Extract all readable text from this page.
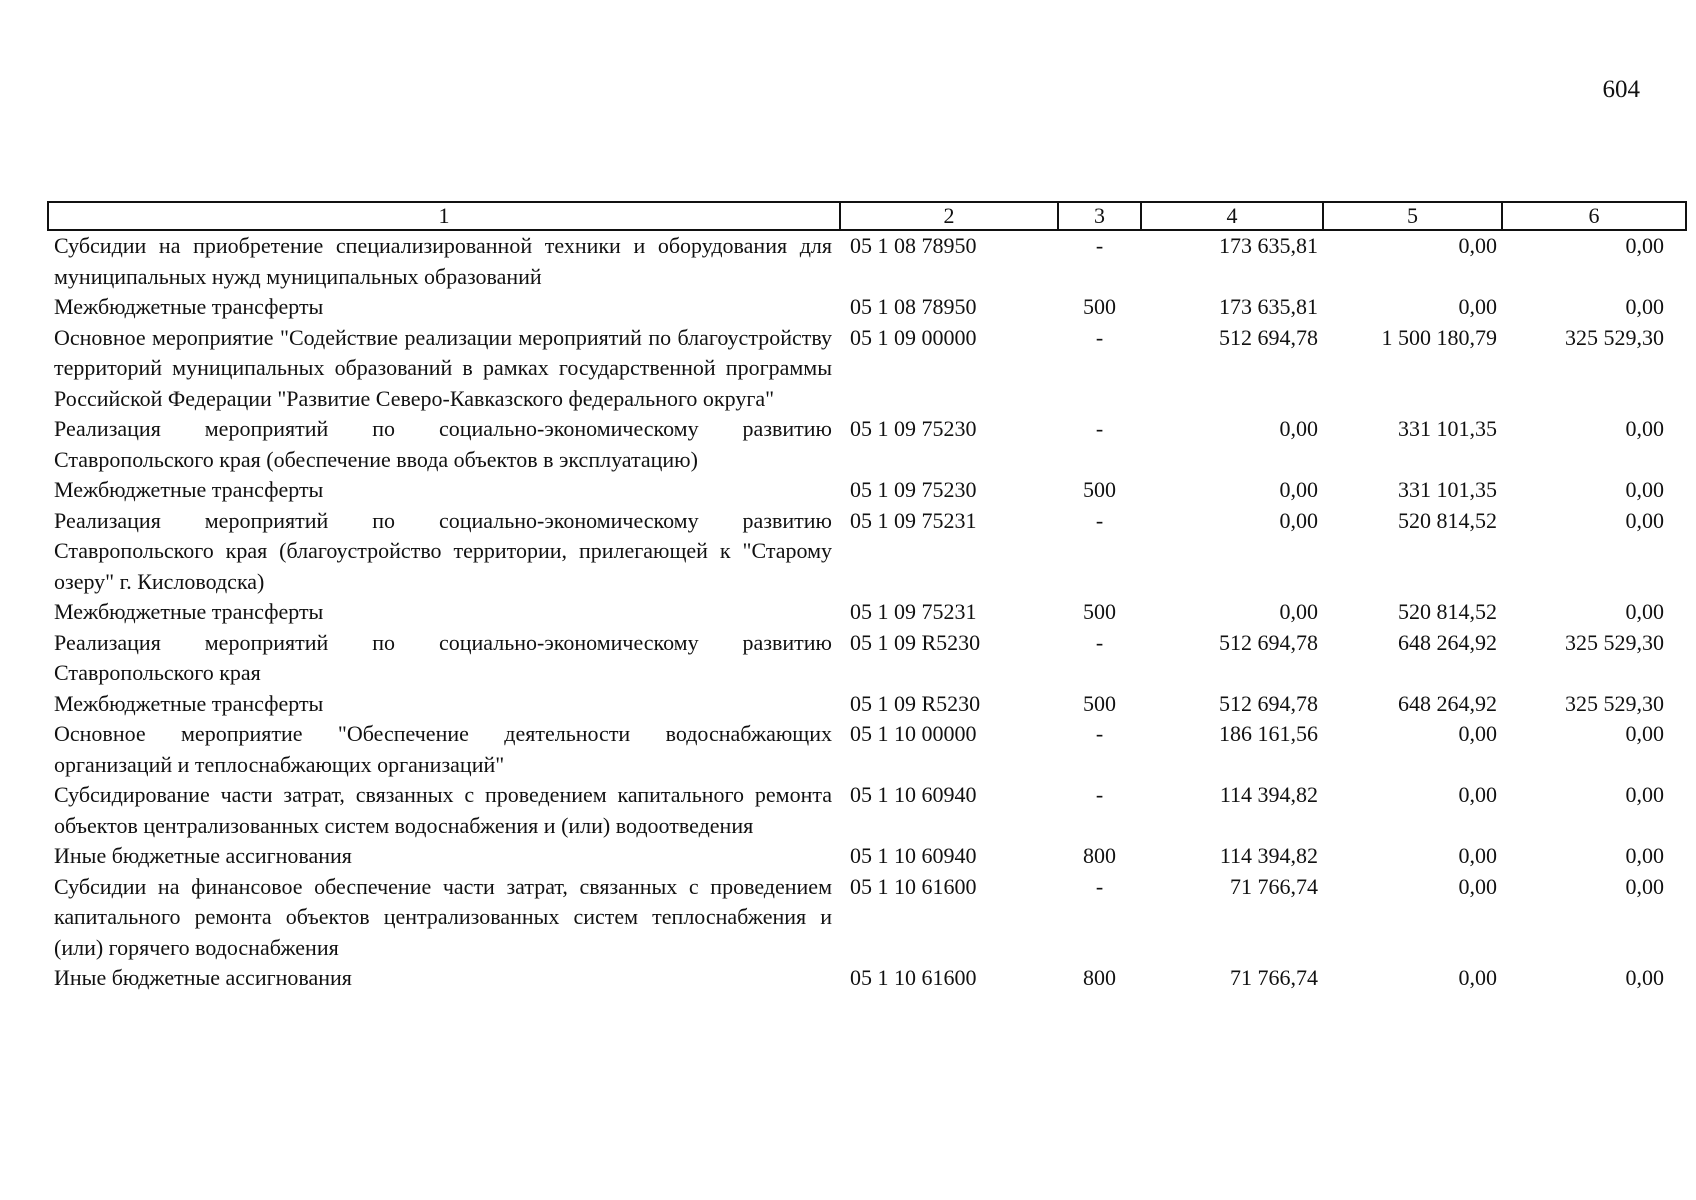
604
1	2	3	4	5	6
Субсидии на приобретение специализированной техники и оборудования для муниципальных нужд муниципальных образований	05 1 08 78950	-	173 635,81	0,00	0,00
Межбюджетные трансферты	05 1 08 78950	500	173 635,81	0,00	0,00
Основное мероприятие "Содействие реализации мероприятий по благоустройству территорий муниципальных образований в рамках государственной программы Российской Федерации "Развитие Северо-Кавказского федерального округа"	05 1 09 00000	-	512 694,78	1 500 180,79	325 529,30
Реализация мероприятий по социально-экономическому развитию Ставропольского края (обеспечение ввода объектов в эксплуатацию)	05 1 09 75230	-	0,00	331 101,35	0,00
Межбюджетные трансферты	05 1 09 75230	500	0,00	331 101,35	0,00
Реализация мероприятий по социально-экономическому развитию Ставропольского края (благоустройство территории, прилегающей к "Старому озеру" г. Кисловодска)	05 1 09 75231	-	0,00	520 814,52	0,00
Межбюджетные трансферты	05 1 09 75231	500	0,00	520 814,52	0,00
Реализация мероприятий по социально-экономическому развитию Ставропольского края	05 1 09 R5230	-	512 694,78	648 264,92	325 529,30
Межбюджетные трансферты	05 1 09 R5230	500	512 694,78	648 264,92	325 529,30
Основное мероприятие "Обеспечение деятельности водоснабжающих организаций и теплоснабжающих организаций"	05 1 10 00000	-	186 161,56	0,00	0,00
Субсидирование части затрат, связанных с проведением капитального ремонта объектов централизованных систем водоснабжения и (или) водоотведения	05 1 10 60940	-	114 394,82	0,00	0,00
Иные бюджетные ассигнования	05 1 10 60940	800	114 394,82	0,00	0,00
Субсидии на финансовое обеспечение части затрат, связанных с проведением капитального ремонта объектов централизованных систем теплоснабжения и (или) горячего водоснабжения	05 1 10 61600	-	71 766,74	0,00	0,00
Иные бюджетные ассигнования	05 1 10 61600	800	71 766,74	0,00	0,00
